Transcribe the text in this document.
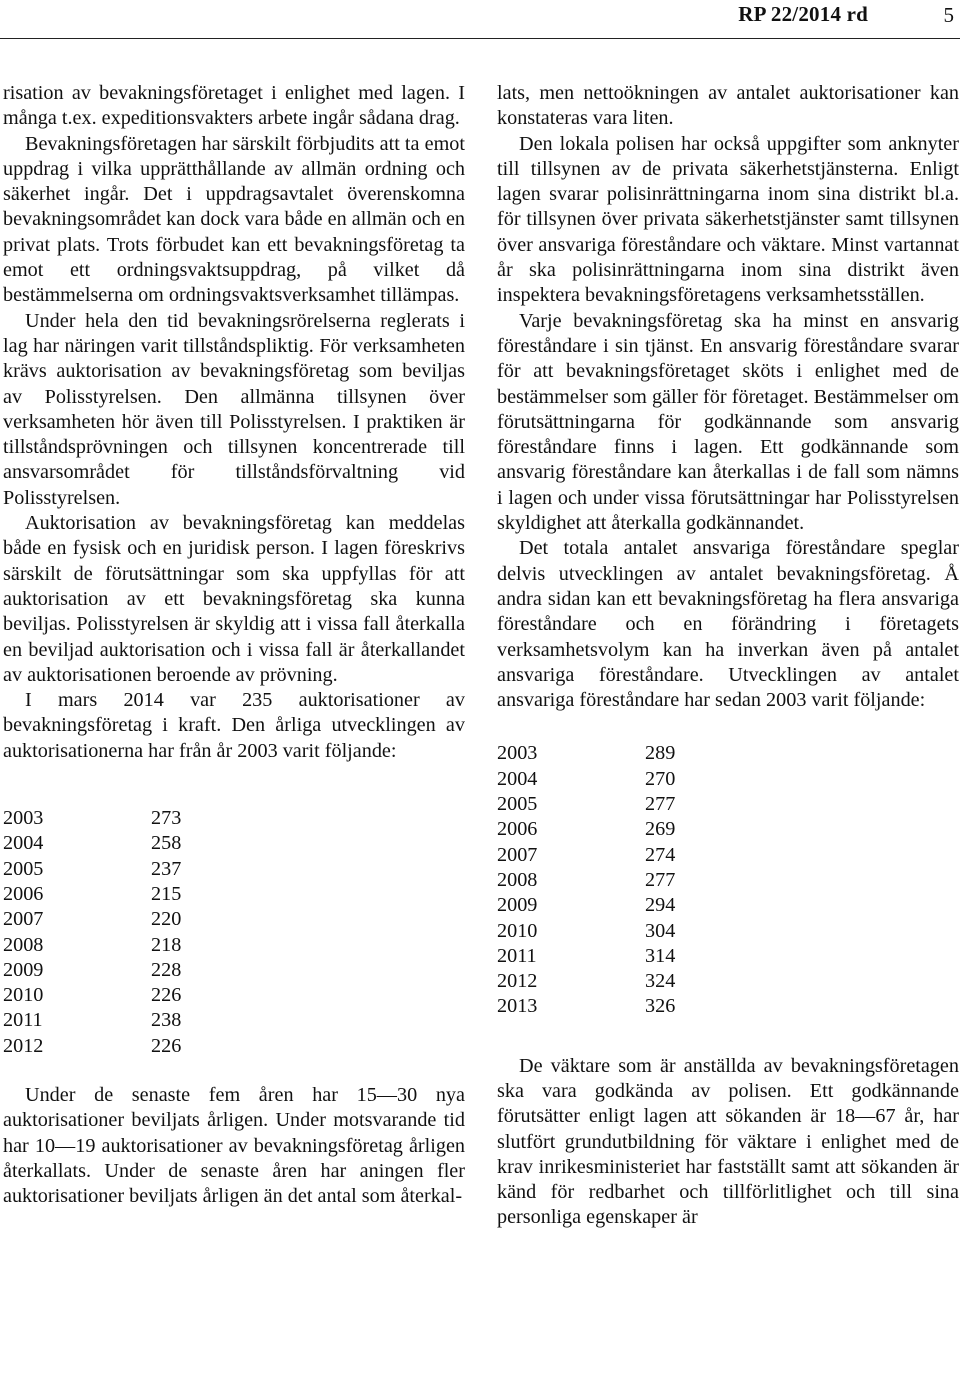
RP 22/2014 rd	5

risation av bevakningsföretaget i enlighet med lagen. I många t.ex. expeditionsvakters arbete ingår sådana drag.

Bevakningsföretagen har särskilt förbjudits att ta emot uppdrag i vilka upprätthållande av allmän ordning och säkerhet ingår. Det i uppdragsavtalet överenskomna bevakningsområdet kan dock vara både en allmän och en privat plats. Trots förbudet kan ett bevakningsföretag ta emot ett ordningsvaktsuppdrag, på vilket då bestämmelserna om ordningsvaktsverksamhet tillämpas.

Under hela den tid bevakningsrörelserna reglerats i lag har näringen varit tillståndspliktig. För verksamheten krävs auktorisation av bevakningsföretag som beviljas av Polisstyrelsen. Den allmänna tillsynen över verksamheten hör även till Polisstyrelsen. I praktiken är tillståndsprövningen och tillsynen koncentrerade till ansvarsområdet för tillståndsförvaltning vid Polisstyrelsen.

Auktorisation av bevakningsföretag kan meddelas både en fysisk och en juridisk person. I lagen föreskrivs särskilt de förutsättningar som ska uppfyllas för att auktorisation av ett bevakningsföretag ska kunna beviljas. Polisstyrelsen är skyldig att i vissa fall återkalla en beviljad auktorisation och i vissa fall är återkallandet av auktorisationen beroende av prövning.

I mars 2014 var 235 auktorisationer av bevakningsföretag i kraft. Den årliga utvecklingen av auktorisationerna har från år 2003 varit följande:

2003	273
2004	258
2005	237
2006	215
2007	220
2008	218
2009	228
2010	226
2011	238
2012	226

Under de senaste fem åren har 15—30 nya auktorisationer beviljats årligen. Under motsvarande tid har 10—19 auktorisationer av bevakningsföretag årligen återkallats. Under de senaste åren har aningen fler auktorisationer beviljats årligen än det antal som återkal-

lats, men nettoökningen av antalet auktorisationer kan konstateras vara liten.

Den lokala polisen har också uppgifter som anknyter till tillsynen av de privata säkerhetstjänsterna. Enligt lagen svarar polisinrättningarna inom sina distrikt bl.a. för tillsynen över privata säkerhetstjänster samt tillsynen över ansvariga föreståndare och väktare. Minst vartannat år ska polisinrättningarna inom sina distrikt även inspektera bevakningsföretagens verksamhetsställen.

Varje bevakningsföretag ska ha minst en ansvarig föreståndare i sin tjänst. En ansvarig föreståndare svarar för att bevakningsföretaget sköts i enlighet med de bestämmelser som gäller för företaget. Bestämmelser om förutsättningarna för godkännande som ansvarig föreståndare finns i lagen. Ett godkännande som ansvarig föreståndare kan återkallas i de fall som nämns i lagen och under vissa förutsättningar har Polisstyrelsen skyldighet att återkalla godkännandet.

Det totala antalet ansvariga föreståndare speglar delvis utvecklingen av antalet bevakningsföretag. Å andra sidan kan ett bevakningsföretag ha flera ansvariga föreståndare och en förändring i företagets verksamhetsvolym kan ha inverkan även på antalet ansvariga föreståndare. Utvecklingen av antalet ansvariga föreståndare har sedan 2003 varit följande:

2003	289
2004	270
2005	277
2006	269
2007	274
2008	277
2009	294
2010	304
2011	314
2012	324
2013	326

De väktare som är anställda av bevakningsföretagen ska vara godkända av polisen. Ett godkännande förutsätter enligt lagen att sökanden är 18—67 år, har slutfört grundutbildning för väktare i enlighet med de krav inrikesministeriet har fastställt samt att sökanden är känd för redbarhet och tillförlitlighet och till sina personliga egenskaper är
